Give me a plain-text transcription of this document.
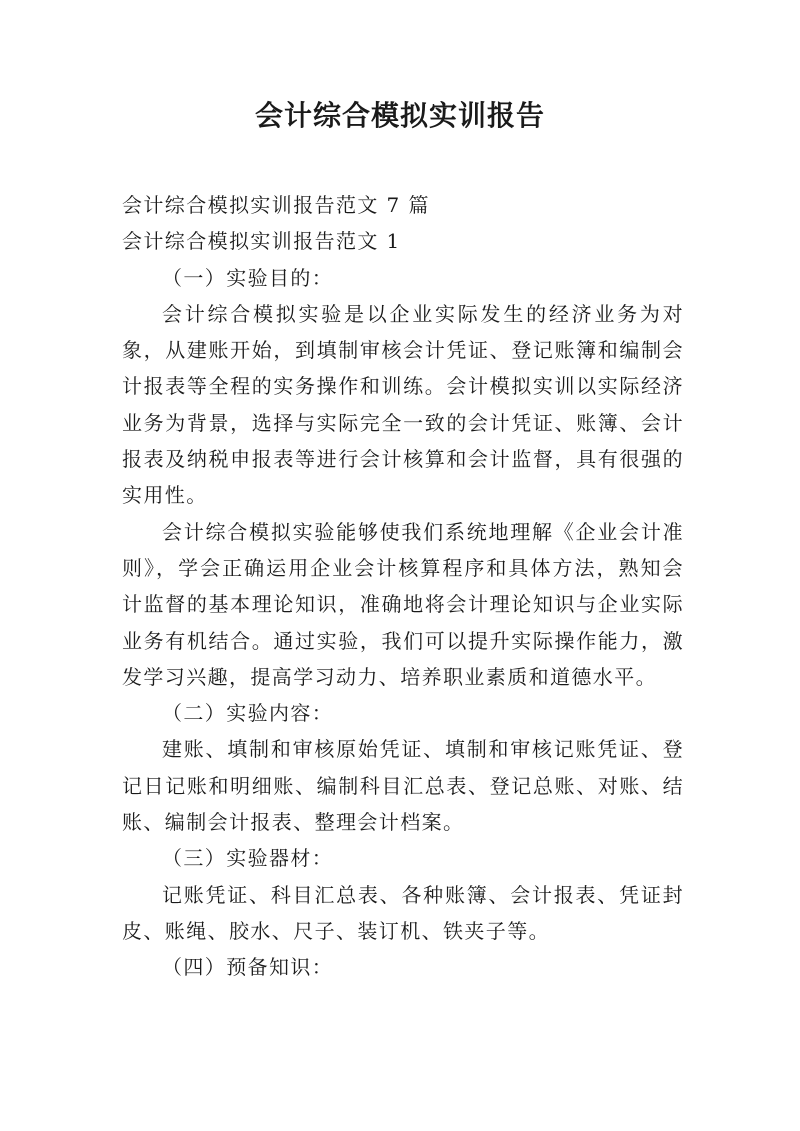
会计综合模拟实训报告

会计综合模拟实训报告范文 7 篇

会计综合模拟实训报告范文 1

（一）实验目的：

会计综合模拟实验是以企业实际发生的经济业务为对象，从建账开始，到填制审核会计凭证、登记账簿和编制会计报表等全程的实务操作和训练。会计模拟实训以实际经济业务为背景，选择与实际完全一致的会计凭证、账簿、会计报表及纳税申报表等进行会计核算和会计监督，具有很强的实用性。

会计综合模拟实验能够使我们系统地理解《企业会计准则》，学会正确运用企业会计核算程序和具体方法，熟知会计监督的基本理论知识，准确地将会计理论知识与企业实际业务有机结合。通过实验，我们可以提升实际操作能力，激发学习兴趣，提高学习动力、培养职业素质和道德水平。

（二）实验内容：

建账、填制和审核原始凭证、填制和审核记账凭证、登记日记账和明细账、编制科目汇总表、登记总账、对账、结账、编制会计报表、整理会计档案。

（三）实验器材：

记账凭证、科目汇总表、各种账簿、会计报表、凭证封皮、账绳、胶水、尺子、装订机、铁夹子等。

（四）预备知识：
